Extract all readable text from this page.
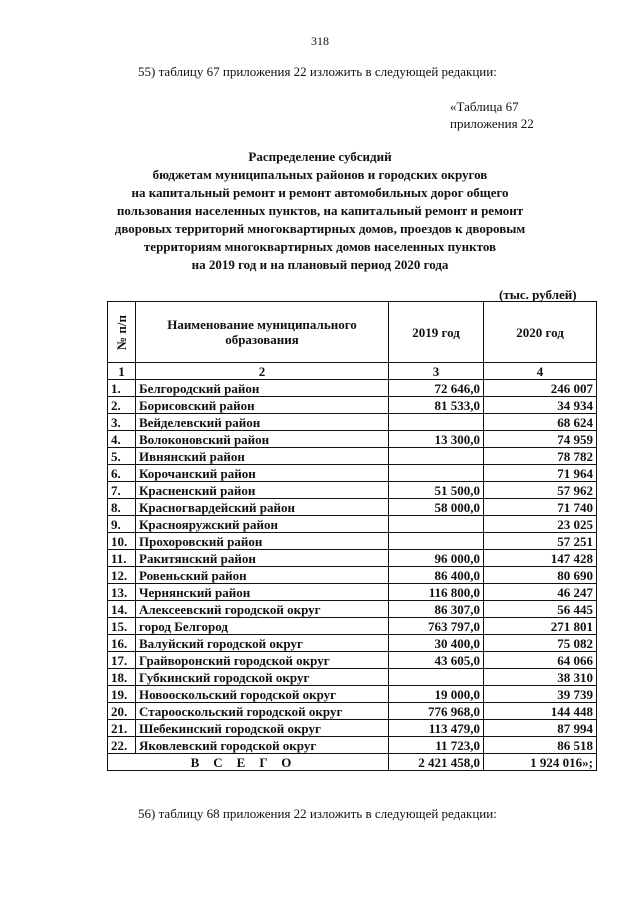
318
55) таблицу 67 приложения 22 изложить в следующей редакции:
«Таблица 67
приложения 22
Распределение субсидий
бюджетам муниципальных районов и городских округов
на капитальный ремонт и ремонт автомобильных дорог общего
пользования населенных пунктов, на капитальный ремонт и ремонт
дворовых территорий многоквартирных домов, проездов к дворовым
территориям многоквартирных домов населенных пунктов
на 2019 год и на плановый период 2020 года
(тыс. рублей)
№ п/п	Наименование муниципального образования	2019 год	2020 год
1	2	3	4
1.	Белгородский район	72 646,0	246 007
2.	Борисовский район	81 533,0	34 934
3.	Вейделевский район		68 624
4.	Волоконовский район	13 300,0	74 959
5.	Ивнянский район		78 782
6.	Корочанский район		71 964
7.	Красненский район	51 500,0	57 962
8.	Красногвардейский район	58 000,0	71 740
9.	Краснояружский район		23 025
10.	Прохоровский район		57 251
11.	Ракитянский район	96 000,0	147 428
12.	Ровеньский район	86 400,0	80 690
13.	Чернянский район	116 800,0	46 247
14.	Алексеевский городской округ	86 307,0	56 445
15.	город Белгород	763 797,0	271 801
16.	Валуйский городской округ	30 400,0	75 082
17.	Грайворонский городской округ	43 605,0	64 066
18.	Губкинский городской округ		38 310
19.	Новооскольский городской округ	19 000,0	39 739
20.	Старооскольский городской округ	776 968,0	144 448
21.	Шебекинский городской округ	113 479,0	87 994
22.	Яковлевский городской округ	11 723,0	86 518
ВСЕГО		2 421 458,0	1 924 016»;
56) таблицу 68 приложения 22 изложить в следующей редакции:
